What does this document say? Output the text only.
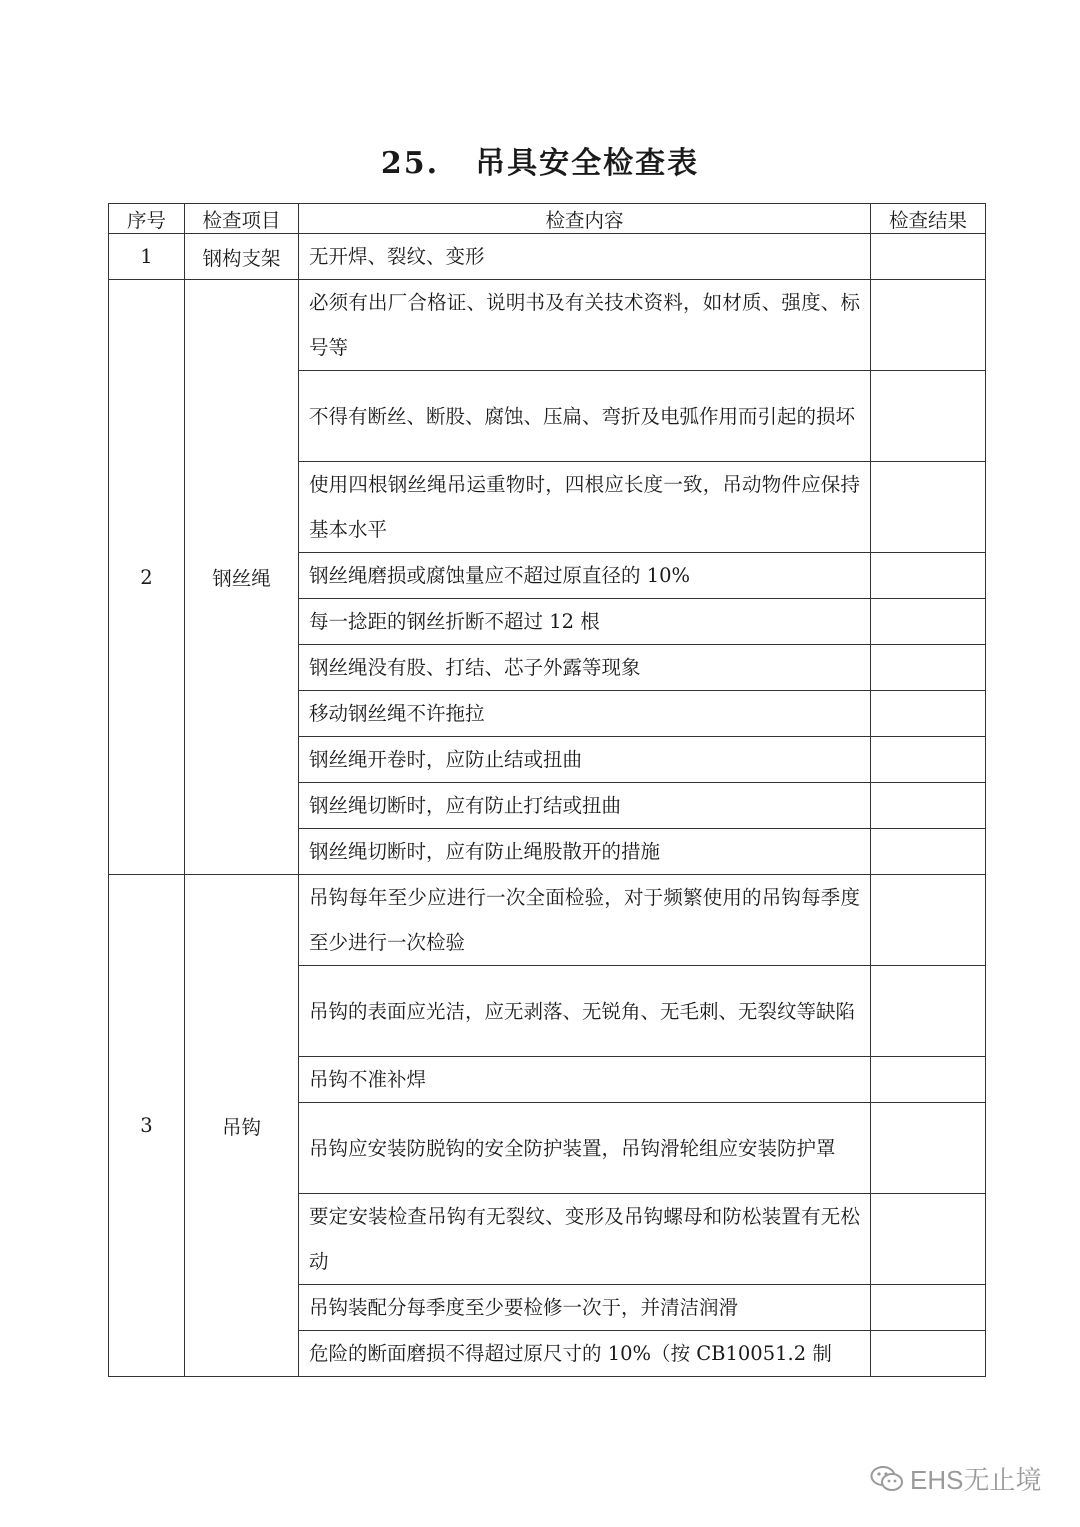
25. 吊具安全检查表
序号	检查项目	检查内容	检查结果
1	钢构支架	无开焊、裂纹、变形	
2	钢丝绳	必须有出厂合格证、说明书及有关技术资料，如材质、强度、标号等	
		不得有断丝、断股、腐蚀、压扁、弯折及电弧作用而引起的损坏	
		使用四根钢丝绳吊运重物时，四根应长度一致，吊动物件应保持基本水平	
		钢丝绳磨损或腐蚀量应不超过原直径的 10%	
		每一捻距的钢丝折断不超过 12 根	
		钢丝绳没有股、打结、芯子外露等现象	
		移动钢丝绳不许拖拉	
		钢丝绳开卷时，应防止结或扭曲	
		钢丝绳切断时，应有防止打结或扭曲	
		钢丝绳切断时，应有防止绳股散开的措施	
3	吊钩	吊钩每年至少应进行一次全面检验，对于频繁使用的吊钩每季度至少进行一次检验	
		吊钩的表面应光洁，应无剥落、无锐角、无毛刺、无裂纹等缺陷	
		吊钩不准补焊	
		吊钩应安装防脱钩的安全防护装置，吊钩滑轮组应安装防护罩	
		要定安装检查吊钩有无裂纹、变形及吊钩螺母和防松装置有无松动	
		吊钩装配分每季度至少要检修一次于，并清洁润滑	
		危险的断面磨损不得超过原尺寸的 10%（按 CB10051.2 制	
EHS无止境
